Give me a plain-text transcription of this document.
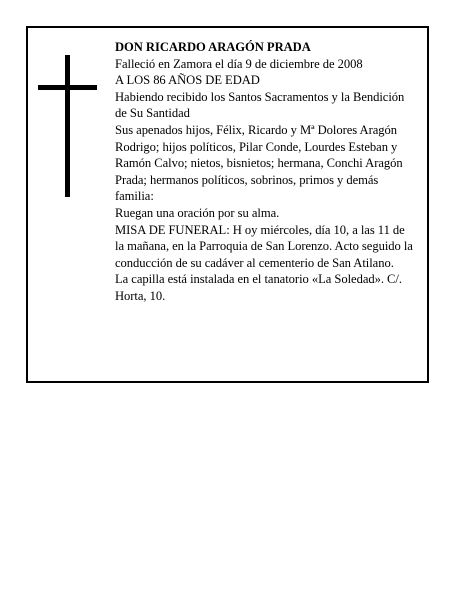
DON RICARDO ARAGÓN PRADA
Falleció en Zamora el día 9 de diciembre de 2008
A LOS 86 AÑOS DE EDAD
Habiendo recibido los Santos Sacramentos y la Bendición de Su Santidad
Sus apenados hijos, Félix, Ricardo y Mª Dolores Aragón Rodrigo; hijos políticos, Pilar Conde, Lourdes Esteban y Ramón Calvo; nietos, bisnietos; hermana, Conchi Aragón Prada; hermanos políticos, sobrinos, primos y demás familia:
Ruegan una oración por su alma.
MISA DE FUNERAL: H oy miércoles, día 10, a las 11 de la mañana, en la Parroquia de San Lorenzo. Acto seguido la conducción de su cadáver al cementerio de San Atilano.
La capilla está instalada en el tanatorio «La Soledad». C/. Horta, 10.
